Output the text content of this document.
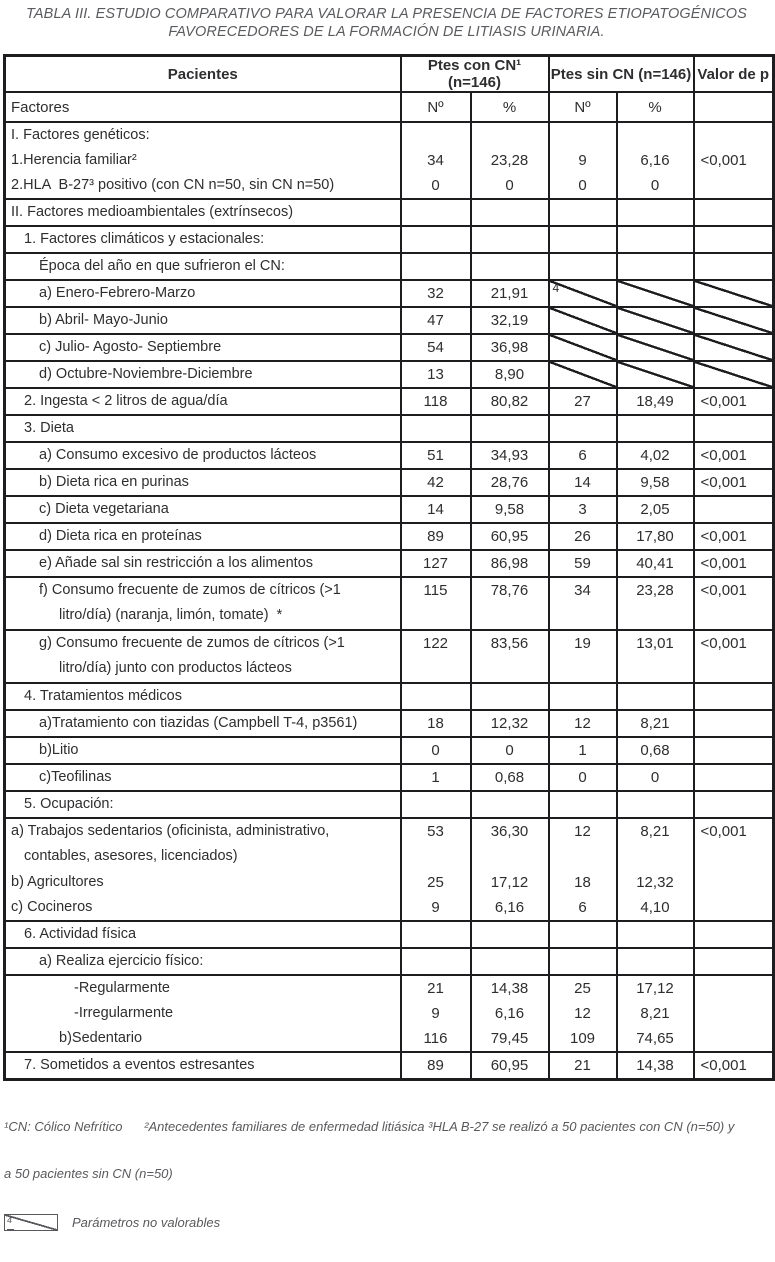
TABLA III. ESTUDIO COMPARATIVO PARA VALORAR LA PRESENCIA DE FACTORES ETIOPATOGÉNICOS
FAVORECEDORES DE LA FORMACIÓN DE LITIASIS URINARIA.
Pacientes	Ptes con CN¹ (n=146)		Ptes sin CN (n=146)		Valor de p
Factores	Nº	%	Nº	%	

I. Factores genéticos:					

1.Herencia familiar²	34	23,28	9	6,16	<0,001

2.HLA  B-27³ positivo (con CN n=50, sin CN n=50)	0	0	0	0	

II. Factores medioambientales (extrínsecos)					

1. Factores climáticos y estacionales:					

Época del año en que sufrieron el CN:					

a) Enero-Febrero-Marzo	32	21,91	4		

b) Abril- Mayo-Junio	47	32,19			

c) Julio- Agosto- Septiembre	54	36,98			

d) Octubre-Noviembre-Diciembre	13	8,90			

2. Ingesta < 2 litros de agua/día	118	80,82	27	18,49	<0,001

3. Dieta					

a) Consumo excesivo de productos lácteos	51	34,93	6	4,02	<0,001

b) Dieta rica en purinas	42	28,76	14	9,58	<0,001

c) Dieta vegetariana	14	9,58	3	2,05	

d) Dieta rica en proteínas	89	60,95	26	17,80	<0,001

e) Añade sal sin restricción a los alimentos	127	86,98	59	40,41	<0,001

f) Consumo frecuente de zumos de cítricos (>1
litro/día) (naranja, limón, tomate)  *	115	78,76	34	23,28	<0,001

g) Consumo frecuente de zumos de cítricos (>1
litro/día) junto con productos lácteos	122	83,56	19	13,01	<0,001

4. Tratamientos médicos					

a)Tratamiento con tiazidas (Campbell T-4, p3561)	18	12,32	12	8,21	

b)Litio	0	0	1	0,68	

c)Teofilinas	1	0,68	0	0	

5. Ocupación:					

a) Trabajos sedentarios (oficinista, administrativo,
contables, asesores, licenciados)	53	36,30	12	8,21	<0,001

b) Agricultores	25	17,12	18	12,32	

c) Cocineros	9	6,16	6	4,10	

6. Actividad física					

a) Realiza ejercicio físico:					

-Regularmente	21	14,38	25	17,12	

-Irregularmente	9	6,16	12	8,21	

b)Sedentario	116	79,45	109	74,65	

7. Sometidos a eventos estresantes	89	60,95	21	14,38	<0,001

¹CN: Cólico Nefrítico      ²Antecedentes familiares de enfermedad litiásica ³HLA B-27 se realizó a 50 pacientes con CN (n=50) y

a 50 pacientes sin CN (n=50)

4	Parámetros no valorables
